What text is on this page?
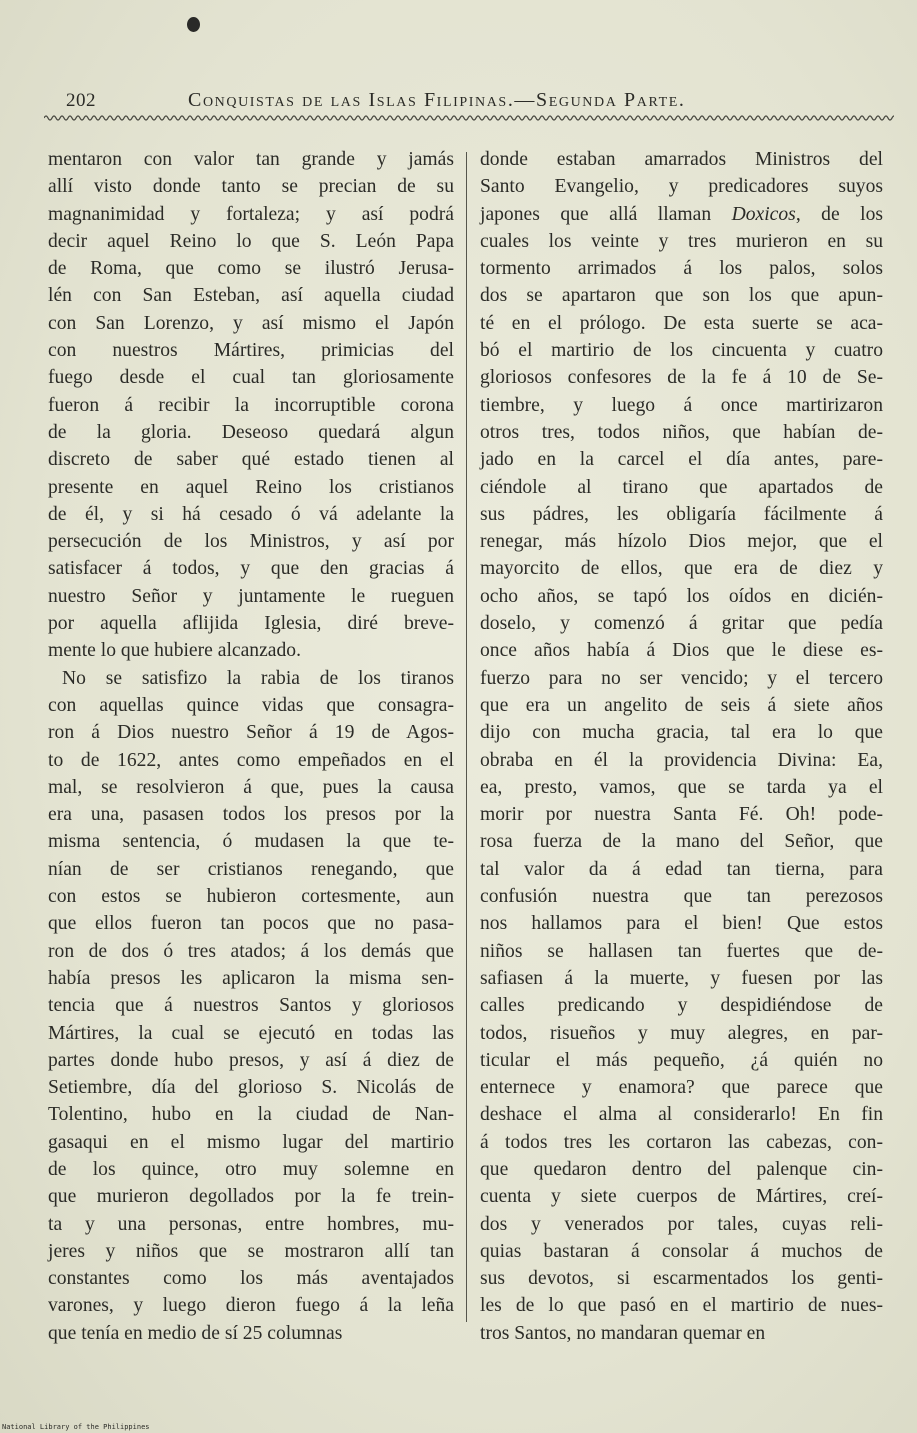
202	Conquistas de las Islas Filipinas.—Segunda Parte.
mentaron con valor tan grande y jamás
allí visto donde tanto se precian de su
magnanimidad y fortaleza; y así podrá
decir aquel Reino lo que S. León Papa
de Roma, que como se ilustró Jerusa-
lén con San Esteban, así aquella ciudad
con San Lorenzo, y así mismo el Japón
con nuestros Mártires, primicias del
fuego desde el cual tan gloriosamente
fueron á recibir la incorruptible corona
de la gloria. Deseoso quedará algun
discreto de saber qué estado tienen al
presente en aquel Reino los cristianos
de él, y si há cesado ó vá adelante la
persecución de los Ministros, y así por
satisfacer á todos, y que den gracias á
nuestro Señor y juntamente le rueguen
por aquella aflijida Iglesia, diré breve-
mente lo que hubiere alcanzado.
No se satisfizo la rabia de los tiranos
con aquellas quince vidas que consagra-
ron á Dios nuestro Señor á 19 de Agos-
to de 1622, antes como empeñados en el
mal, se resolvieron á que, pues la causa
era una, pasasen todos los presos por la
misma sentencia, ó mudasen la que te-
nían de ser cristianos renegando, que
con estos se hubieron cortesmente, aun
que ellos fueron tan pocos que no pasa-
ron de dos ó tres atados; á los demás que
había presos les aplicaron la misma sen-
tencia que á nuestros Santos y gloriosos
Mártires, la cual se ejecutó en todas las
partes donde hubo presos, y así á diez de
Setiembre, día del glorioso S. Nicolás de
Tolentino, hubo en la ciudad de Nan-
gasaqui en el mismo lugar del martirio
de los quince, otro muy solemne en
que murieron degollados por la fe trein-
ta y una personas, entre hombres, mu-
jeres y niños que se mostraron allí tan
constantes como los más aventajados
varones, y luego dieron fuego á la leña
que tenía en medio de sí 25 columnas
donde estaban amarrados Ministros del
Santo Evangelio, y predicadores suyos
japones que allá llaman Doxicos, de los
cuales los veinte y tres murieron en su
tormento arrimados á los palos, solos
dos se apartaron que son los que apun-
té en el prólogo. De esta suerte se aca-
bó el martirio de los cincuenta y cuatro
gloriosos confesores de la fe á 10 de Se-
tiembre, y luego á once martirizaron
otros tres, todos niños, que habían de-
jado en la carcel el día antes, pare-
ciéndole al tirano que apartados de
sus pádres, les obligaría fácilmente á
renegar, más hízolo Dios mejor, que el
mayorcito de ellos, que era de diez y
ocho años, se tapó los oídos en dicién-
doselo, y comenzó á gritar que pedía
once años había á Dios que le diese es-
fuerzo para no ser vencido; y el tercero
que era un angelito de seis á siete años
dijo con mucha gracia, tal era lo que
obraba en él la providencia Divina: Ea,
ea, presto, vamos, que se tarda ya el
morir por nuestra Santa Fé. Oh! pode-
rosa fuerza de la mano del Señor, que
tal valor da á edad tan tierna, para
confusión nuestra que tan perezosos
nos hallamos para el bien! Que estos
niños se hallasen tan fuertes que de-
safiasen á la muerte, y fuesen por las
calles predicando y despidiéndose de
todos, risueños y muy alegres, en par-
ticular el más pequeño, ¿á quién no
enternece y enamora? que parece que
deshace el alma al considerarlo! En fin
á todos tres les cortaron las cabezas, con-
que quedaron dentro del palenque cin-
cuenta y siete cuerpos de Mártires, creí-
dos y venerados por tales, cuyas reli-
quias bastaran á consolar á muchos de
sus devotos, si escarmentados los genti-
les de lo que pasó en el martirio de nues-
tros Santos, no mandaran quemar en
National Library of the Philippines
